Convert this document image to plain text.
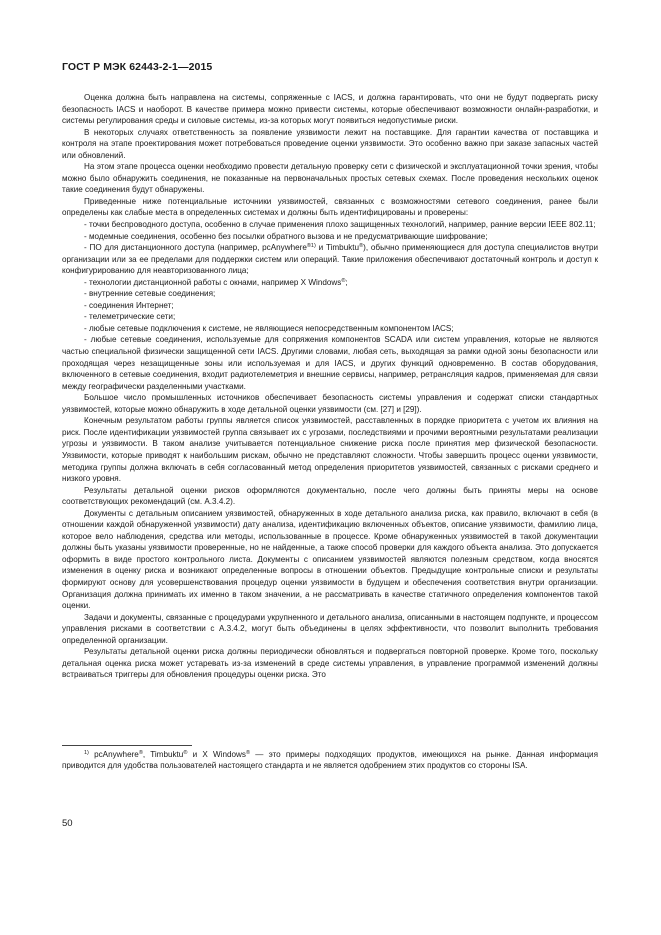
ГОСТ Р МЭК 62443-2-1—2015

Оценка должна быть направлена на системы, сопряженные с IACS, и должна гарантировать, что они не будут подвергать риску безопасность IACS и наоборот. В качестве примера можно привести системы, которые обеспечивают возможности онлайн-разработки, и системы регулирования среды и силовые системы, из-за которых могут появиться недопустимые риски.

В некоторых случаях ответственность за появление уязвимости лежит на поставщике. Для гарантии качества от поставщика и контроля на этапе проектирования может потребоваться проведение оценки уязвимости. Это особенно важно при заказе запасных частей или обновлений.

На этом этапе процесса оценки необходимо провести детальную проверку сети с физической и эксплуатационной точки зрения, чтобы можно было обнаружить соединения, не показанные на первоначальных простых сетевых схемах. После проведения нескольких оценок такие соединения будут обнаружены.

Приведенные ниже потенциальные источники уязвимостей, связанных с возможностями сетевого соединения, ранее были определены как слабые места в определенных системах и должны быть идентифицированы и проверены:

- точки беспроводного доступа, особенно в случае применения плохо защищенных технологий, например, ранние версии IEEE 802.11;

- модемные соединения, особенно без посылки обратного вызова и не предусматривающие шифрование;

- ПО для дистанционного доступа (например, pcAnywhere$^{®1)}$ и Timbuktu®), обычно применяющиеся для доступа специалистов внутри организации или за ее пределами для поддержки систем или операций. Такие приложения обеспечивают достаточный контроль и доступ к конфигурированию для неавторизованного лица;

- технологии дистанционной работы с окнами, например X Windows®;

- внутренние сетевые соединения;

- соединения Интернет;

- телеметрические сети;

- любые сетевые подключения к системе, не являющиеся непосредственным компонентом IACS;

- любые сетевые соединения, используемые для сопряжения компонентов SCADA или систем управления, которые не являются частью специальной физически защищенной сети IACS. Другими словами, любая сеть, выходящая за рамки одной зоны безопасности или проходящая через незащищенные зоны или используемая и для IACS, и других функций одновременно. В состав оборудования, включенного в сетевые соединения, входит радиотелеметрия и внешние сервисы, например, ретрансляция кадров, применяемая для связи между географически разделенными участками.

Большое число промышленных источников обеспечивает безопасность системы управления и содержат списки стандартных уязвимостей, которые можно обнаружить в ходе детальной оценки уязвимости (см. [27] и [29]).

Конечным результатом работы группы является список уязвимостей, расставленных в порядке приоритета с учетом их влияния на риск. После идентификации уязвимостей группа связывает их с угрозами, последствиями и прочими вероятными результатами реализации угрозы и уязвимости. В таком анализе учитывается потенциальное снижение риска после принятия мер физической безопасности. Уязвимости, которые приводят к наибольшим рискам, обычно не представляют сложности. Чтобы завершить процесс оценки уязвимости, методика группы должна включать в себя согласованный метод определения приоритетов уязвимостей, связанных с рисками среднего и низкого уровня.

Результаты детальной оценки рисков оформляются документально, после чего должны быть приняты меры на основе соответствующих рекомендаций (см. А.3.4.2).

Документы с детальным описанием уязвимостей, обнаруженных в ходе детального анализа риска, как правило, включают в себя (в отношении каждой обнаруженной уязвимости) дату анализа, идентификацию включенных объектов, описание уязвимости, фамилию лица, которое вело наблюдения, средства или методы, использованные в процессе. Кроме обнаруженных уязвимостей в такой документации должны быть указаны уязвимости проверенные, но не найденные, а также способ проверки для каждого объекта анализа. Это допускается оформить в виде простого контрольного листа. Документы с описанием уязвимостей являются полезным средством, когда вносятся изменения в оценку риска и возникают определенные вопросы в отношении объектов. Предыдущие контрольные списки и результаты формируют основу для усовершенствования процедур оценки уязвимости в будущем и обеспечения соответствия внутри организации. Организация должна принимать их именно в таком значении, а не рассматривать в качестве статичного определения компонентов такой оценки.

Задачи и документы, связанные с процедурами укрупненного и детального анализа, описанными в настоящем подпункте, и процессом управления рисками в соответствии с А.3.4.2, могут быть объединены в целях эффективности, что позволит выполнить требования определенной организации.

Результаты детальной оценки риска должны периодически обновляться и подвергаться повторной проверке. Кроме того, поскольку детальная оценка риска может устаревать из-за изменений в среде системы управления, в управление программой изменений должны встраиваться триггеры для обновления процедуры оценки риска. Это

$^{1)}$ pcAnywhere®, Timbuktu® и X Windows® — это примеры подходящих продуктов, имеющихся на рынке. Данная информация приводится для удобства пользователей настоящего стандарта и не является одобрением этих продуктов со стороны ISA.

50
